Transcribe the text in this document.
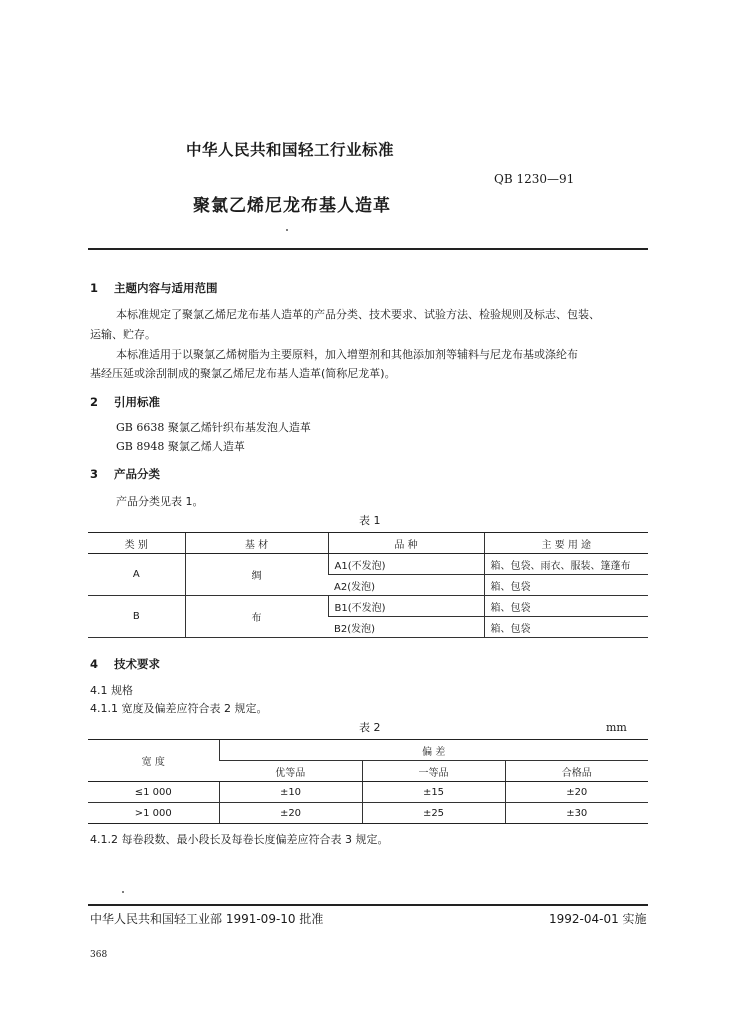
中华人民共和国轻工行业标准
QB 1230—91
聚氯乙烯尼龙布基人造革
1 主题内容与适用范围
本标准规定了聚氯乙烯尼龙布基人造革的产品分类、技术要求、试验方法、检验规则及标志、包装、
运输、贮存。
本标准适用于以聚氯乙烯树脂为主要原料，加入增塑剂和其他添加剂等辅料与尼龙布基或涤纶布
基经压延或涂刮制成的聚氯乙烯尼龙布基人造革(简称尼龙革)。
2 引用标准
GB 6638 聚氯乙烯针织布基发泡人造革
GB 8948 聚氯乙烯人造革
3 产品分类
产品分类见表 1。
表 1
类 别	基 材	品 种	主 要 用 途
A	绸	A1(不发泡)	箱、包袋、雨衣、服装、篷蓬布
		A2(发泡)	箱、包袋
B	布	B1(不发泡)	箱、包袋
		B2(发泡)	箱、包袋
4 技术要求
4.1 规格
4.1.1 宽度及偏差应符合表 2 规定。
表 2	mm
宽 度	偏 差		
	优等品	一等品	合格品
≤1 000	±10	±15	±20
>1 000	±20	±25	±30
4.1.2 每卷段数、最小段长及每卷长度偏差应符合表 3 规定。
中华人民共和国轻工业部 1991-09-10 批准	1992-04-01 实施
368
